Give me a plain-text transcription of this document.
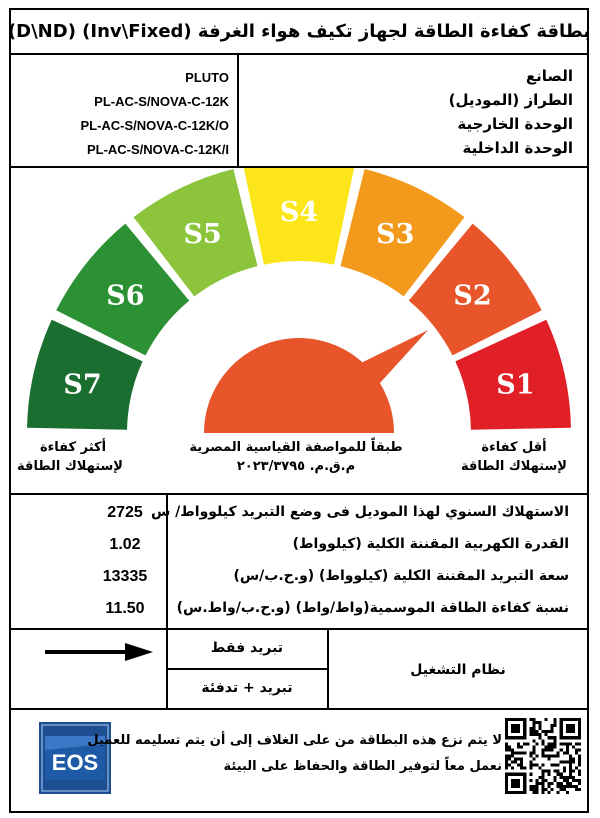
بطاقة كفاءة الطاقة لجهاز تكيف هواء الغرفة (Inv\Fixed) (D\ND)
الصانع
الطراز (الموديل)
الوحدة الخارجية
الوحدة الداخلية
PLUTO
PL-AC-S/NOVA-C-12K
PL-AC-S/NOVA-C-12K/O
PL-AC-S/NOVA-C-12K/I
S7
S6
S5
S4
S3
S2
S1
أكثر كفاءة
لإستهلاك الطاقة
أقل كفاءة
لإستهلاك الطاقة
طبقاً للمواصفة القياسية المصرية
م.ق.م. ٢٠٢٣/٣٧٩٥
الاستهلاك السنوي لهذا الموديل فى وضع التبريد كيلوواط/ س
القدرة الكهربية المقننة الكلية (كيلوواط)
سعة التبريد المقننة الكلية (كيلوواط) (و.ح.ب/س)
نسبة كفاءة الطاقة الموسمية(واط/واط) (و.ح.ب/واط.س)
2725
1.02
13335
11.50
تبريد فقط
تبريد + تدفئة
نظام التشغيل
EOS
لا يتم نزع هذه البطاقة من على الغلاف إلى أن يتم تسليمه للعميل
نعمل معاً لتوفير الطاقة والحفاظ على البيئة
